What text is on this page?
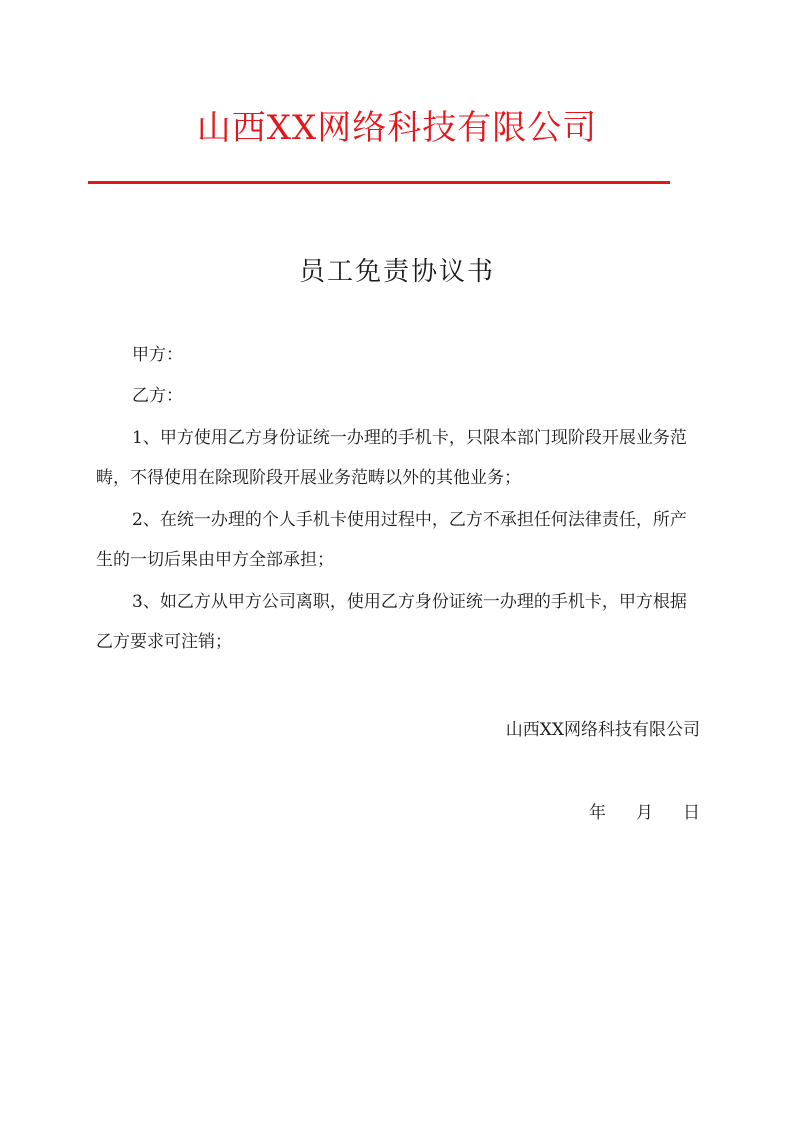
山西XX网络科技有限公司
员工免责协议书
甲方：
乙方：
1、甲方使用乙方身份证统一办理的手机卡，只限本部门现阶段开展业务范畴，不得使用在除现阶段开展业务范畴以外的其他业务；
2、在统一办理的个人手机卡使用过程中，乙方不承担任何法律责任，所产生的一切后果由甲方全部承担；
3、如乙方从甲方公司离职，使用乙方身份证统一办理的手机卡，甲方根据乙方要求可注销；
山西XX网络科技有限公司
年 月 日
